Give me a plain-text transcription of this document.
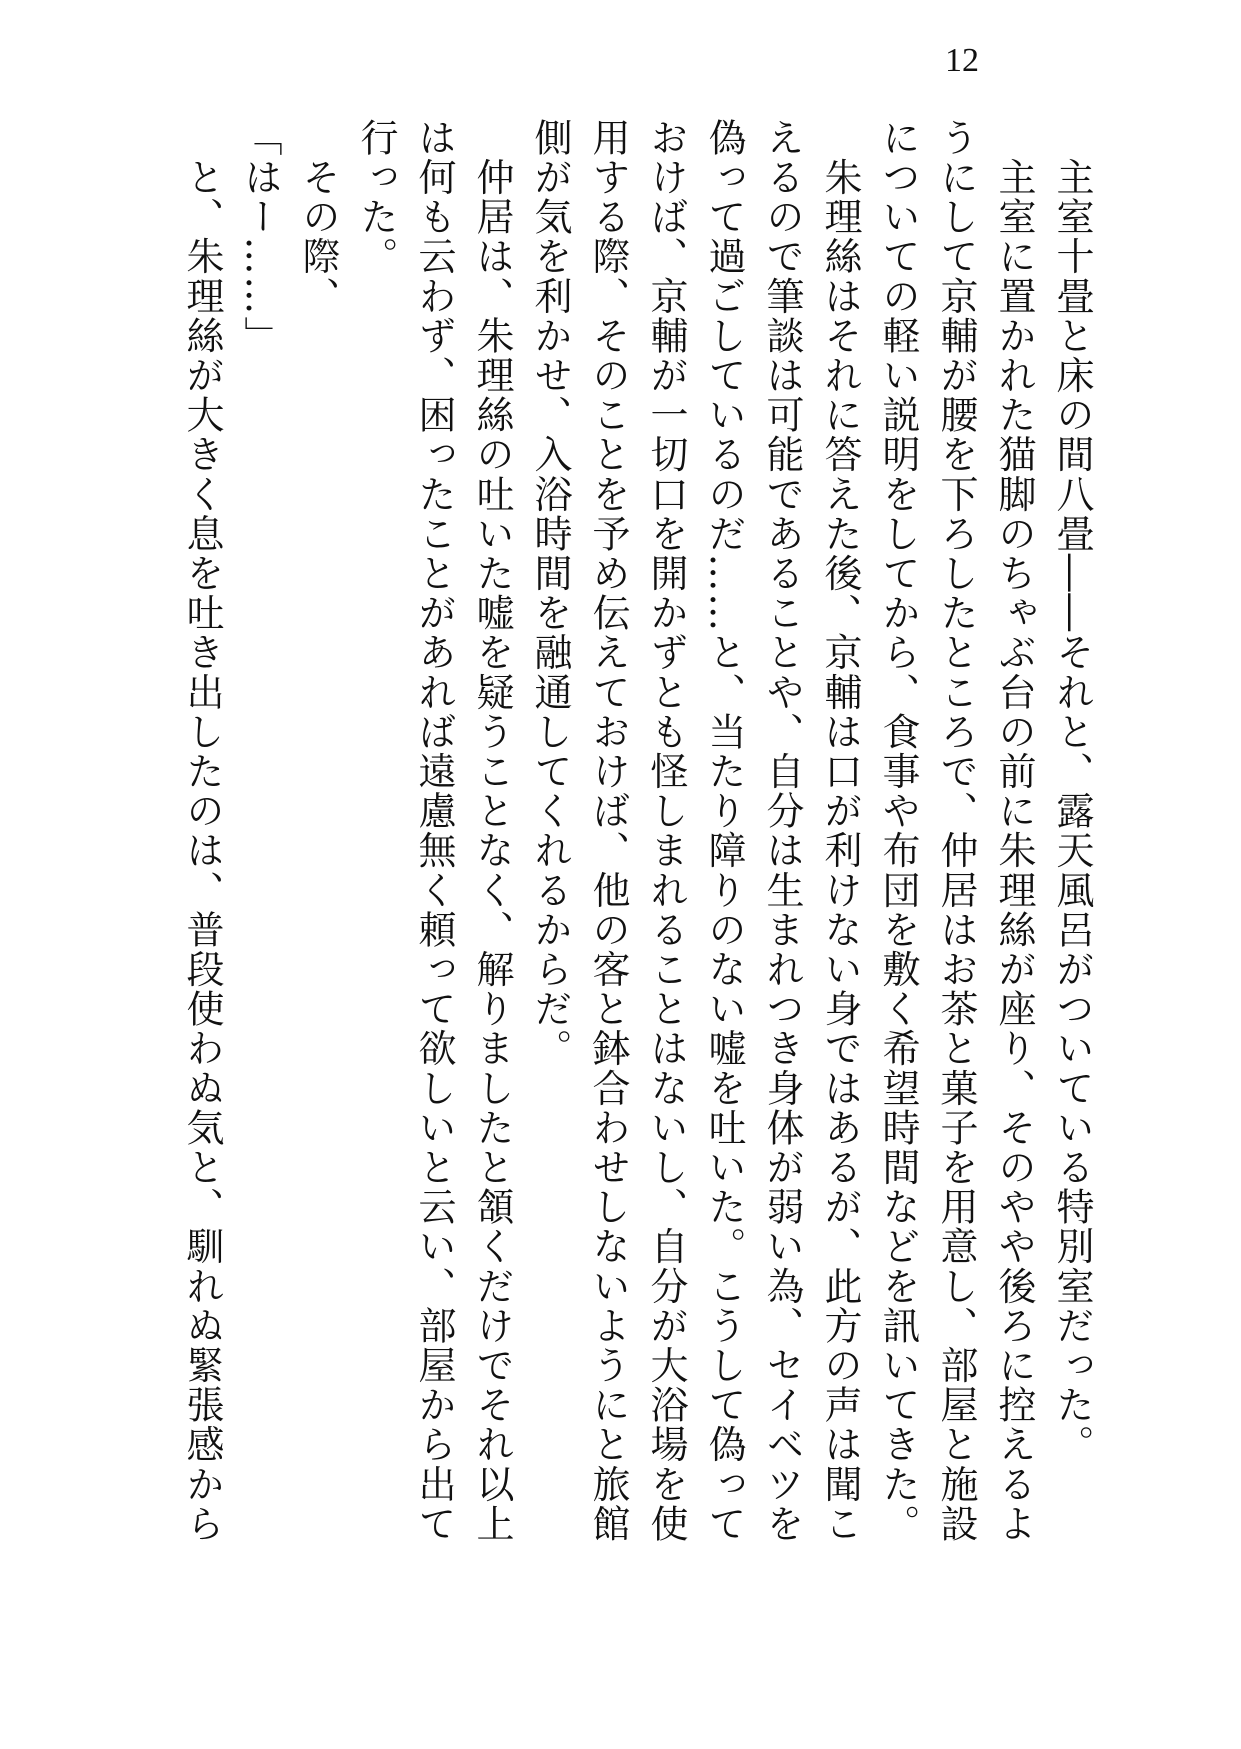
12

　主室十畳と床の間八畳――それと、露天風呂がついている特別室だった。

　主室に置かれた猫脚のちゃぶ台の前に朱理絲が座り、そのやや後ろに控えるよ

うにして京輔が腰を下ろしたところで、仲居はお茶と菓子を用意し、部屋と施設

についての軽い説明をしてから、食事や布団を敷く希望時間などを訊いてきた。

　朱理絲はそれに答えた後、京輔は口が利けない身ではあるが、此方の声は聞こ

えるので筆談は可能であることや、自分は生まれつき身体が弱い為、セイベツを

偽って過ごしているのだ……と、当たり障りのない嘘を吐いた。こうして偽って

おけば、京輔が一切口を開かずとも怪しまれることはないし、自分が大浴場を使

用する際、そのことを予め伝えておけば、他の客と鉢合わせしないようにと旅館

側が気を利かせ、入浴時間を融通してくれるからだ。

　仲居は、朱理絲の吐いた嘘を疑うことなく、解りましたと頷くだけでそれ以上

は何も云わず、困ったことがあれば遠慮無く頼って欲しいと云い、部屋から出て

行った。

　その際、

「はー……」

　と、朱理絲が大きく息を吐き出したのは、普段使わぬ気と、馴れぬ緊張感から
